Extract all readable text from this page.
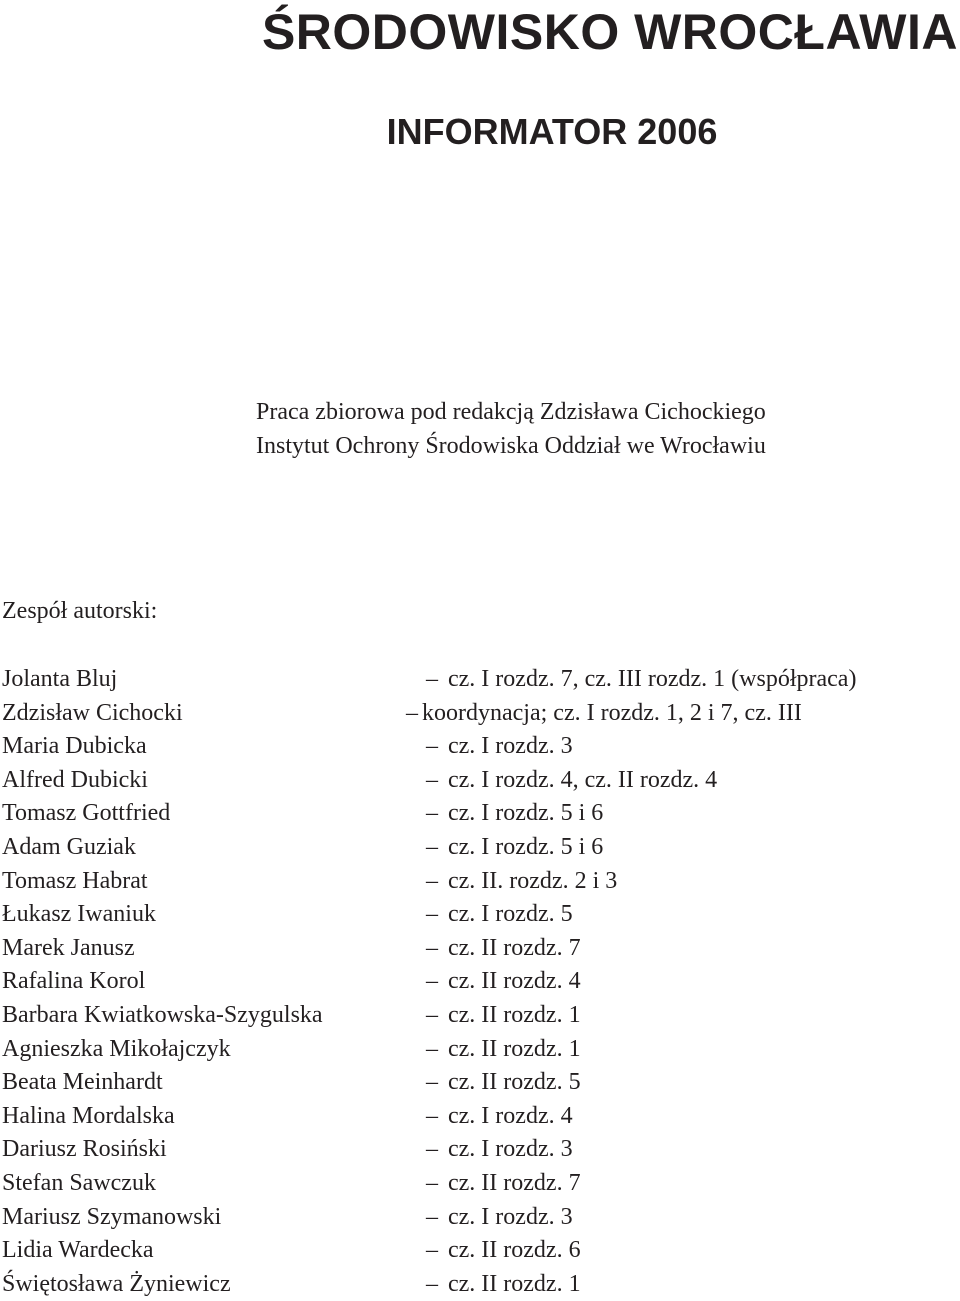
ŚRODOWISKO WROCŁAWIA
INFORMATOR 2006
Praca zbiorowa pod redakcją Zdzisława Cichockiego
Instytut Ochrony Środowiska Oddział we Wrocławiu
Zespół autorski:
Jolanta Bluj	– cz. I rozdz. 7, cz. III rozdz. 1 (współpraca)
Zdzisław Cichocki	– koordynacja; cz. I rozdz. 1, 2 i 7, cz. III
Maria Dubicka	– cz. I rozdz. 3
Alfred Dubicki	– cz. I rozdz. 4, cz. II rozdz. 4
Tomasz Gottfried	– cz. I rozdz. 5 i 6
Adam Guziak	– cz. I rozdz. 5 i 6
Tomasz Habrat	– cz. II. rozdz. 2 i 3
Łukasz Iwaniuk	– cz. I rozdz. 5
Marek Janusz	– cz. II rozdz. 7
Rafalina Korol	– cz. II rozdz. 4
Barbara Kwiatkowska-Szygulska	– cz. II rozdz. 1
Agnieszka Mikołajczyk	– cz. II rozdz. 1
Beata Meinhardt	– cz. II rozdz. 5
Halina Mordalska	– cz. I rozdz. 4
Dariusz Rosiński	– cz. I rozdz. 3
Stefan Sawczuk	– cz. II rozdz. 7
Mariusz Szymanowski	– cz. I rozdz. 3
Lidia Wardecka	– cz. II rozdz. 6
Świętosława Żyniewicz	– cz. II rozdz. 1
